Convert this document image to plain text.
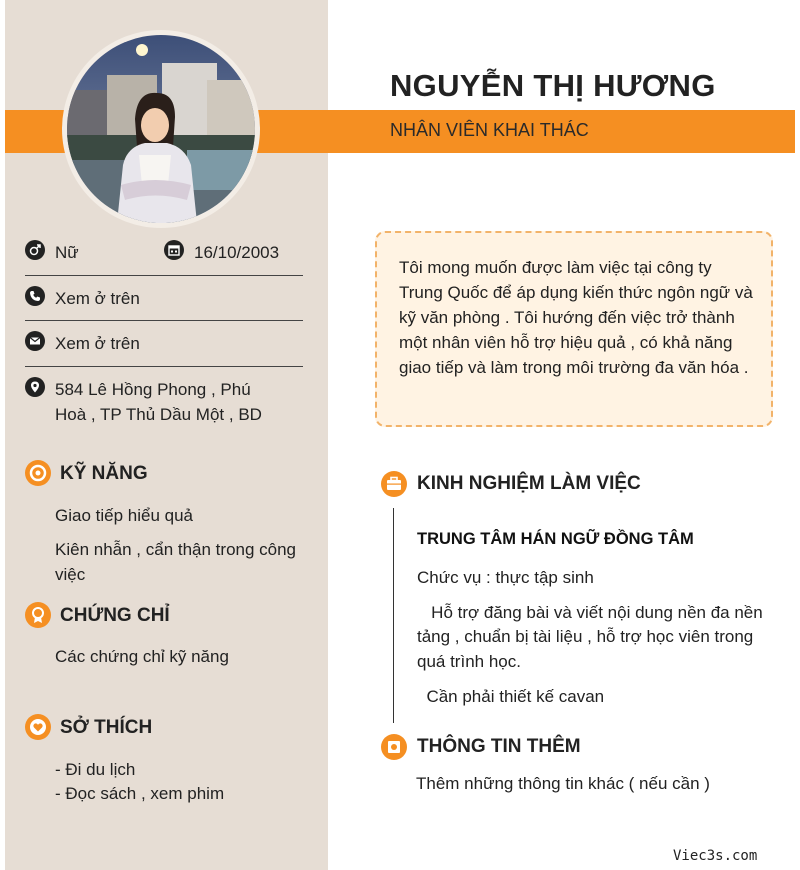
NGUYỄN THỊ HƯƠNG
NHÂN VIÊN KHAI THÁC
Nữ	16/10/2003
Xem ở trên
Xem ở trên
584 Lê Hồng Phong , Phú
Hoà , TP Thủ Dầu Một , BD
KỸ NĂNG
Giao tiếp hiểu quả
Kiên nhẫn , cẩn thận trong công
việc
CHỨNG CHỈ
Các chứng chỉ kỹ năng
SỞ THÍCH
- Đi du lịch
- Đọc sách , xem phim
Tôi mong muốn được làm việc tại công ty Trung Quốc để áp dụng kiến thức ngôn ngữ và kỹ văn phòng . Tôi hướng đến việc trở thành một nhân viên hỗ trợ hiệu quả , có khả năng giao tiếp và làm trong môi trường đa văn hóa .
KINH NGHIỆM LÀM VIỆC
TRUNG TÂM HÁN NGỮ ĐỒNG TÂM
Chức vụ : thực tập sinh
Hỗ trợ đăng bài và viết nội dung nền đa nền
tảng , chuẩn bị tài liệu , hỗ trợ học viên trong
quá trình học.
Cần phải thiết kế cavan
THÔNG TIN THÊM
Thêm những thông tin khác ( nếu cần )
Viec3s.com
